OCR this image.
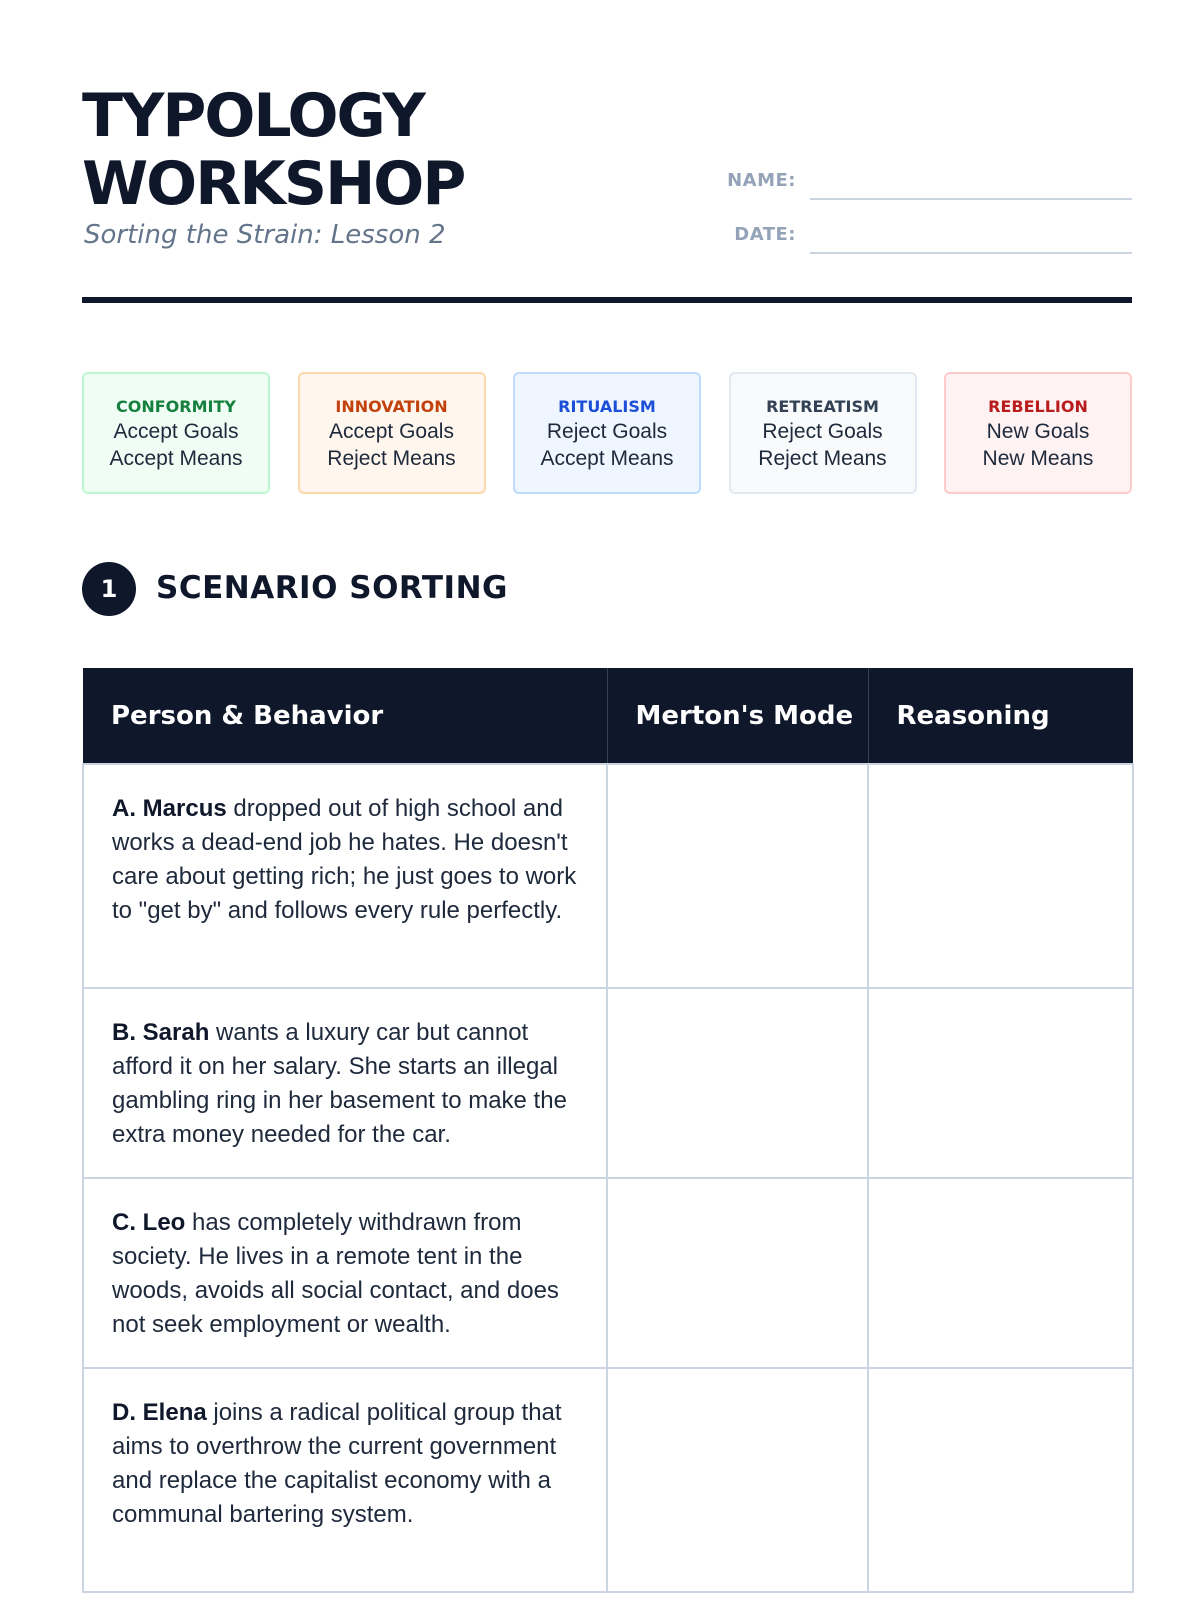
TYPOLOGY
WORKSHOP

Sorting the Strain: Lesson 2

NAME:
DATE:
CONFORMITY
Accept Goals
Accept Means
INNOVATION
Accept Goals
Reject Means
RITUALISM
Reject Goals
Accept Means
RETREATISM
Reject Goals
Reject Means
REBELLION
New Goals
New Means
1	SCENARIO SORTING
Person & Behavior	Merton's Mode	Reasoning

A. Marcus dropped out of high school and works a dead-end job he hates. He doesn't care about getting rich; he just goes to work to "get by" and follows every rule perfectly.		

B. Sarah wants a luxury car but cannot afford it on her salary. She starts an illegal gambling ring in her basement to make the extra money needed for the car.		

C. Leo has completely withdrawn from society. He lives in a remote tent in the woods, avoids all social contact, and does not seek employment or wealth.		

D. Elena joins a radical political group that aims to overthrow the current government and replace the capitalist economy with a communal bartering system.		
